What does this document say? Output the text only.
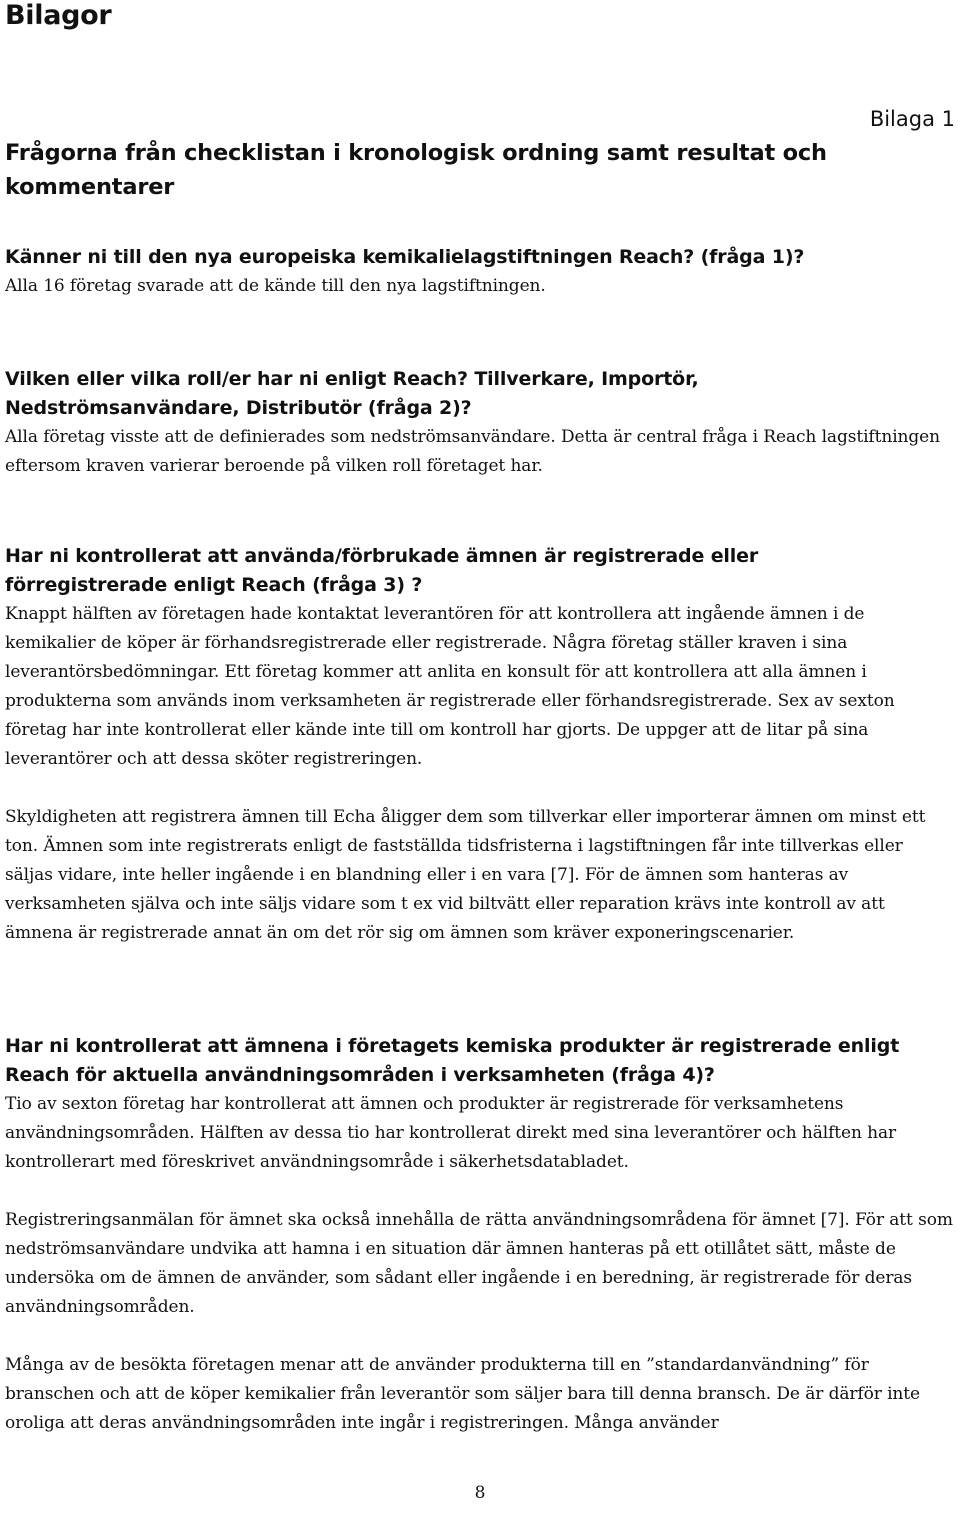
Bilagor
Bilaga 1
Frågorna från checklistan i kronologisk ordning samt resultat och kommentarer

Känner ni till den nya europeiska kemikalielagstiftningen Reach? (fråga 1)?

Alla 16 företag svarade att de kände till den nya lagstiftningen.

Vilken eller vilka roll/er har ni enligt Reach? Tillverkare, Importör, Nedströmsanvändare, Distributör (fråga 2)?

Alla företag visste att de definierades som nedströmsanvändare. Detta är central fråga i Reach lagstiftningen eftersom kraven varierar beroende på vilken roll företaget har.

Har ni kontrollerat att använda/förbrukade ämnen är registrerade eller förregistrerade enligt Reach (fråga 3) ?

Knappt hälften av företagen hade kontaktat leverantören för att kontrollera att ingående ämnen i de kemikalier de köper är förhandsregistrerade eller registrerade. Några företag ställer kraven i sina leverantörsbedömningar. Ett företag kommer att anlita en konsult för att kontrollera att alla ämnen i produkterna som används inom verksamheten är registrerade eller förhandsregistrerade. Sex av sexton företag har inte kontrollerat eller kände inte till om kontroll har gjorts. De uppger att de litar på sina leverantörer och att dessa sköter registreringen.

Skyldigheten att registrera ämnen till Echa åligger dem som tillverkar eller importerar ämnen om minst ett ton. Ämnen som inte registrerats enligt de fastställda tidsfristerna i lagstiftningen får inte tillverkas eller säljas vidare, inte heller ingående i en blandning eller i en vara [7]. För de ämnen som hanteras av verksamheten själva och inte säljs vidare som t ex vid biltvätt eller reparation krävs inte kontroll av att ämnena är registrerade annat än om det rör sig om ämnen som kräver exponeringscenarier.

Har ni kontrollerat att ämnena i företagets kemiska produkter är registrerade enligt Reach för aktuella användningsområden i verksamheten (fråga 4)?

Tio av sexton företag har kontrollerat att ämnen och produkter är registrerade för verksamhetens användningsområden. Hälften av dessa tio har kontrollerat direkt med sina leverantörer och hälften har kontrollerart med föreskrivet användningsområde i säkerhetsdatabladet.

Registreringsanmälan för ämnet ska också innehålla de rätta användningsområdena för ämnet [7]. För att som nedströmsanvändare undvika att hamna i en situation där ämnen hanteras på ett otillåtet sätt, måste de undersöka om de ämnen de använder, som sådant eller ingående i en beredning, är registrerade för deras användningsområden.

Många av de besökta företagen menar att de använder produkterna till en ”standardanvändning” för branschen och att de köper kemikalier från leverantör som säljer bara till denna bransch. De är därför inte oroliga att deras användningsområden inte ingår i registreringen. Många använder

8
